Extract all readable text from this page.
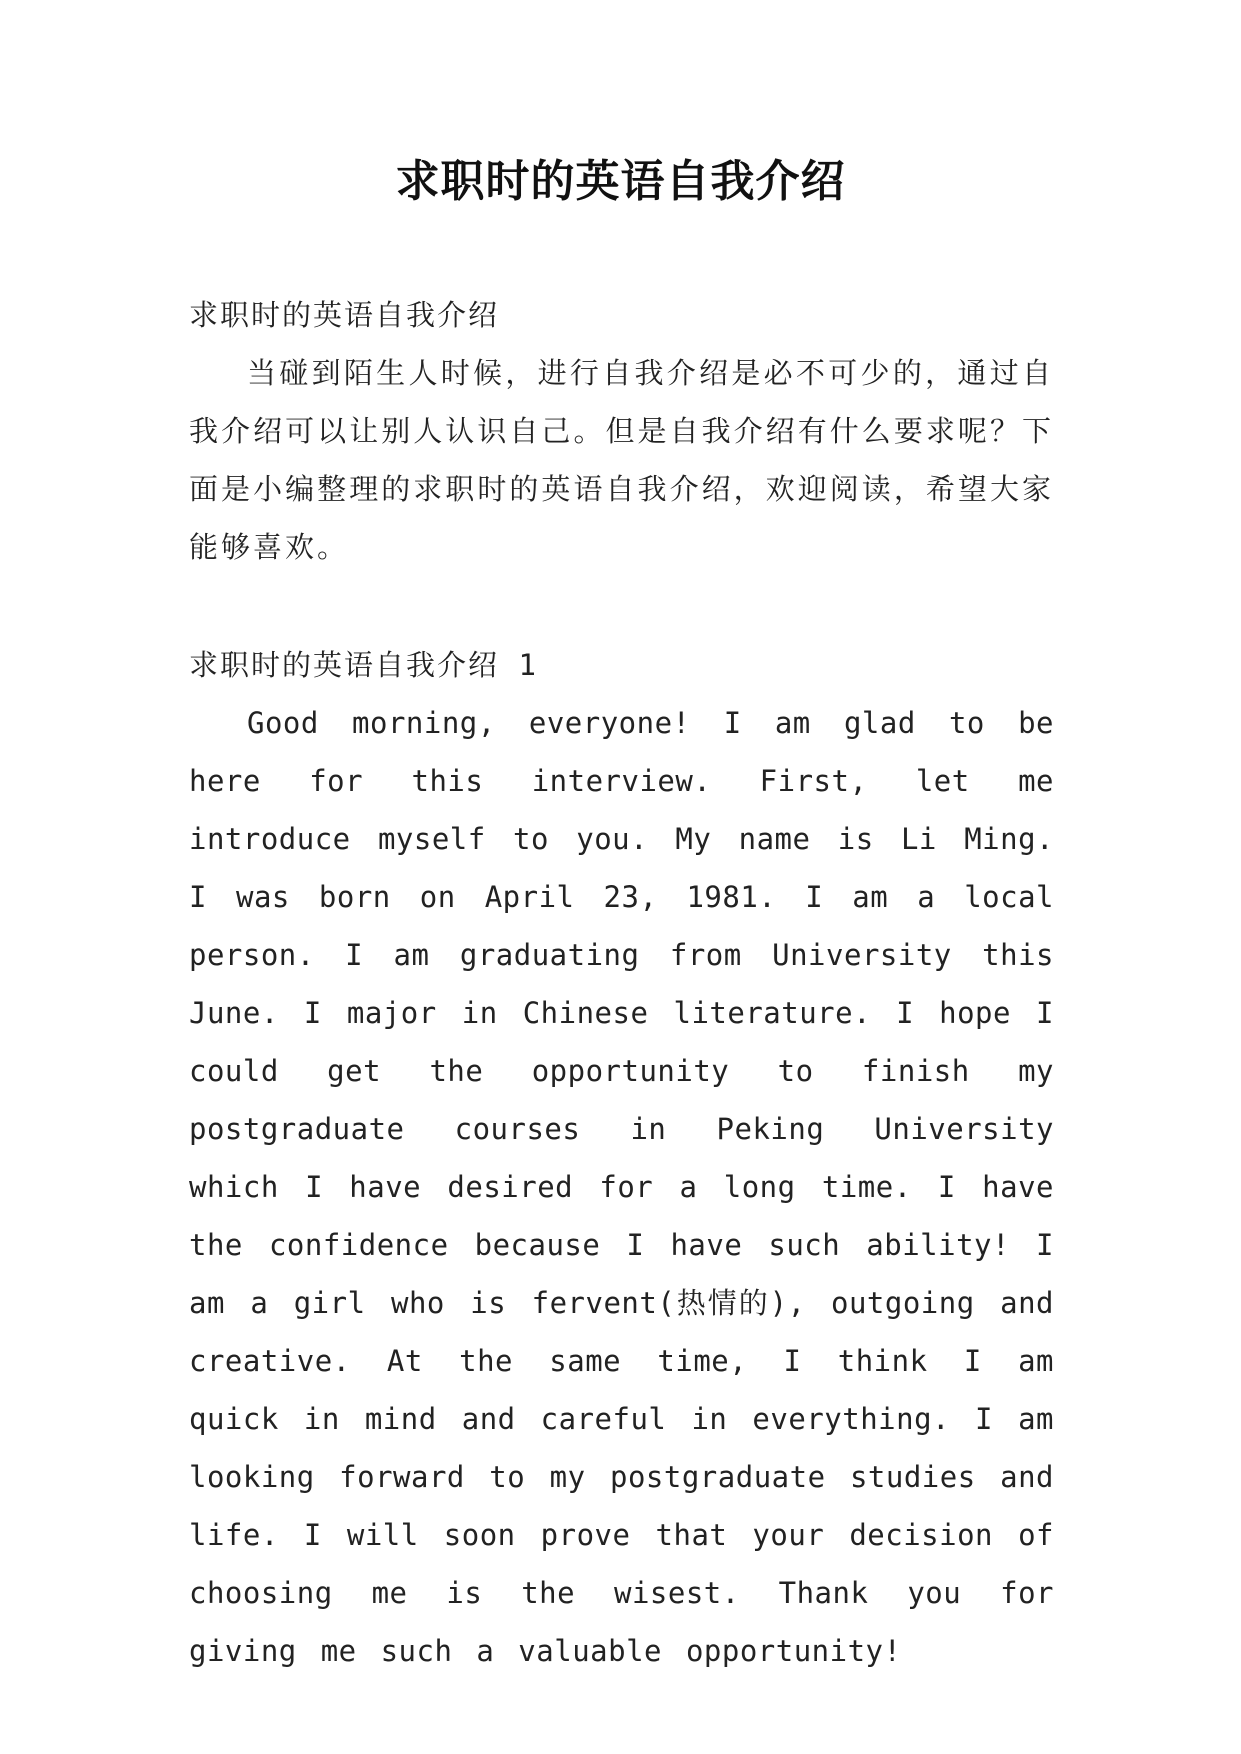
求职时的英语自我介绍
求职时的英语自我介绍

当碰到陌生人时候，进行自我介绍是必不可少的，通过自我介绍可以让别人认识自己。但是自我介绍有什么要求呢？下面是小编整理的求职时的英语自我介绍，欢迎阅读，希望大家能够喜欢。

求职时的英语自我介绍 1

Good morning, everyone! I am glad to be here for this interview. First, let me introduce myself to you. My name is Li Ming. I was born on April 23, 1981. I am a local person. I am graduating from University this June. I major in Chinese literature. I hope I could get the opportunity to finish my postgraduate courses in Peking University which I have desired for a long time. I have the confidence because I have such ability! I am a girl who is fervent(热情的), outgoing and creative. At the same time, I think I am quick in mind and careful in everything. I am looking forward to my postgraduate studies and life. I will soon prove that your decision of choosing me is the wisest. Thank you for giving me such a valuable opportunity!
